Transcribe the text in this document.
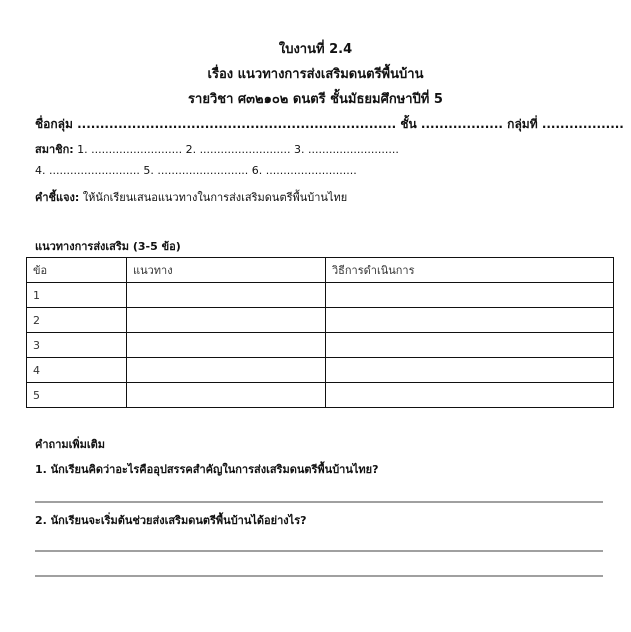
ใบงานที่ 2.4
เรื่อง แนวทางการส่งเสริมดนตรีพื้นบ้าน
รายวิชา ศ๓๒๑๐๒ ดนตรี ชั้นมัธยมศึกษาปีที่ 5
ชื่อกลุ่ม ...................................................................... ชั้น .................. กลุ่มที่ ..................
สมาชิก: 1. .......................... 2. .......................... 3. ..........................
4. .......................... 5. .......................... 6. ..........................
คำชี้แจง: ให้นักเรียนเสนอแนวทางในการส่งเสริมดนตรีพื้นบ้านไทย
แนวทางการส่งเสริม (3-5 ข้อ)
ข้อ	แนวทาง	วิธีการดำเนินการ
1		
2		
3		
4		
5		
คำถามเพิ่มเติม
1. นักเรียนคิดว่าอะไรคืออุปสรรคสำคัญในการส่งเสริมดนตรีพื้นบ้านไทย?
2. นักเรียนจะเริ่มต้นช่วยส่งเสริมดนตรีพื้นบ้านได้อย่างไร?
